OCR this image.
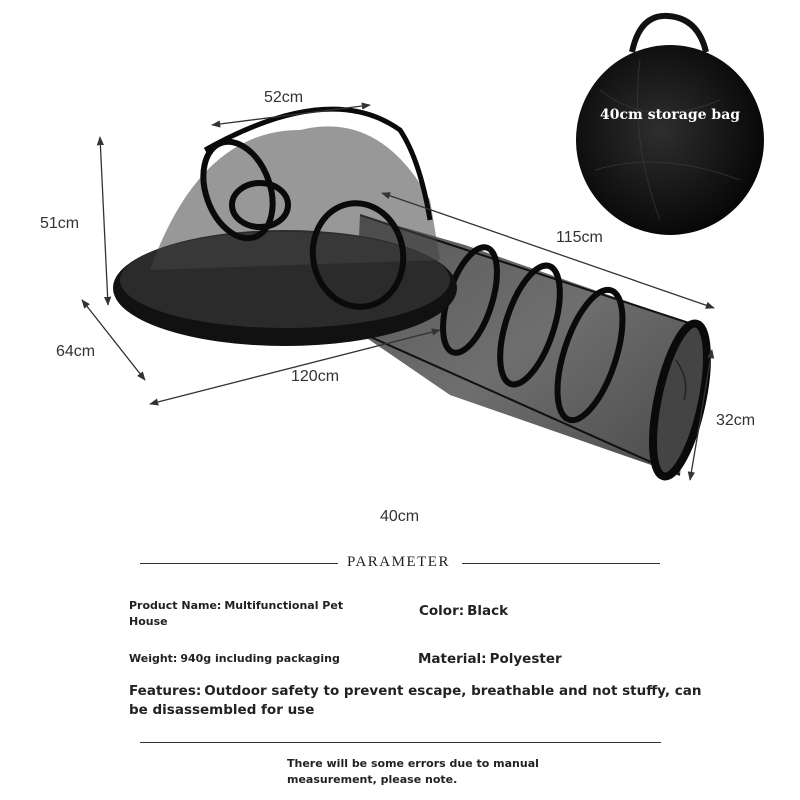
52cm
51cm
64cm
120cm
115cm
32cm
40cm
40cm storage bag
PARAMETER
Product Name: Multifunctional Pet House
Color: Black
Weight: 940g including packaging	Material: Polyester
Features: Outdoor safety to prevent escape, breathable and not stuffy, can be disassembled for use
There will be some errors due to manual measurement, please note.
